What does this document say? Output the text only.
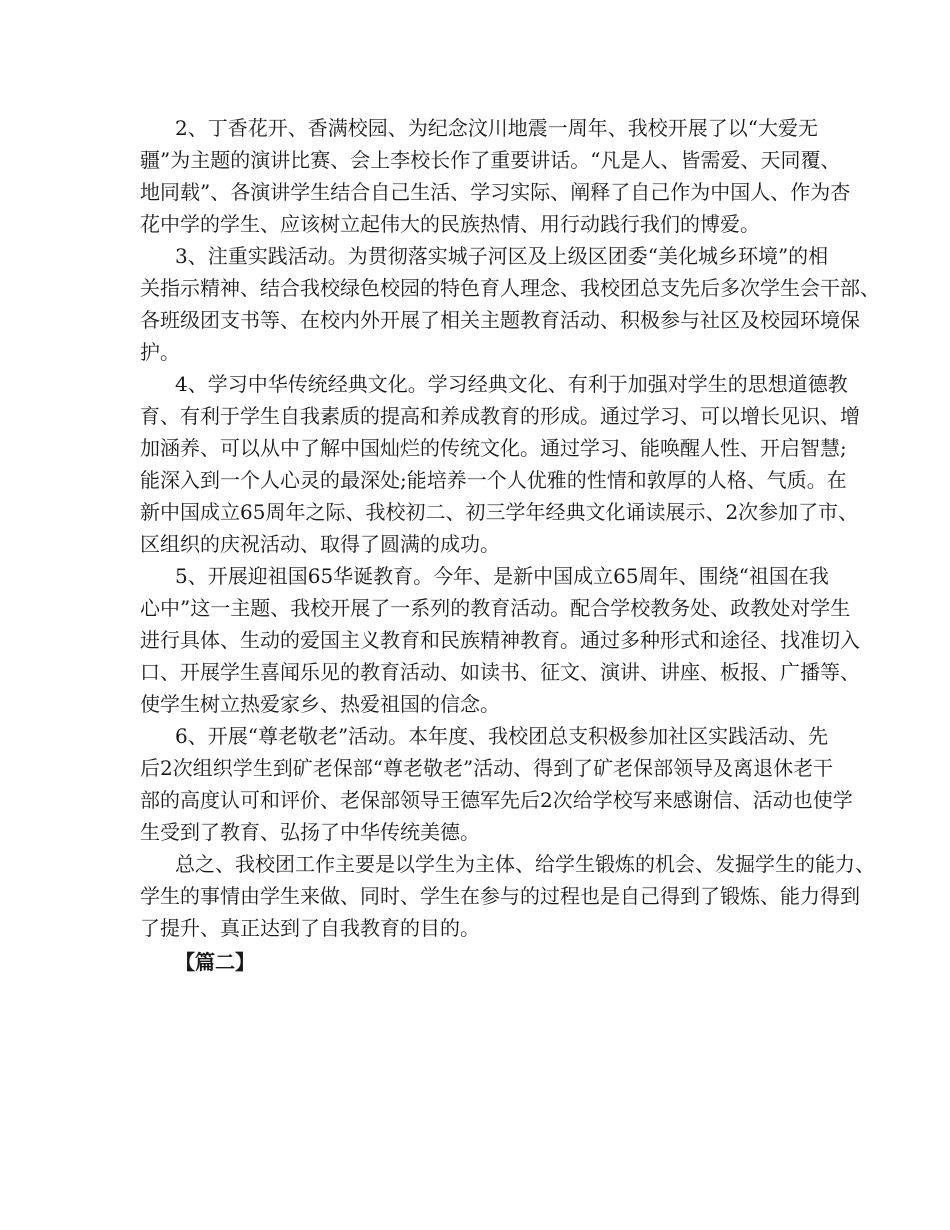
2、丁香花开、香满校园、为纪念汶川地震一周年、我校开展了以“大爱无
疆”为主题的演讲比赛、会上李校长作了重要讲话。“凡是人、皆需爱、天同覆、
地同载”、各演讲学生结合自己生活、学习实际、阐释了自己作为中国人、作为杏
花中学的学生、应该树立起伟大的民族热情、用行动践行我们的博爱。
3、注重实践活动。为贯彻落实城子河区及上级区团委“美化城乡环境”的相
关指示精神、结合我校绿色校园的特色育人理念、我校团总支先后多次学生会干部、
各班级团支书等、在校内外开展了相关主题教育活动、积极参与社区及校园环境保
护。
4、学习中华传统经典文化。学习经典文化、有利于加强对学生的思想道德教
育、有利于学生自我素质的提高和养成教育的形成。通过学习、可以增长见识、增
加涵养、可以从中了解中国灿烂的传统文化。通过学习、能唤醒人性、开启智慧;
能深入到一个人心灵的最深处;能培养一个人优雅的性情和敦厚的人格、气质。在
新中国成立65周年之际、我校初二、初三学年经典文化诵读展示、2次参加了市、
区组织的庆祝活动、取得了圆满的成功。
5、开展迎祖国65华诞教育。今年、是新中国成立65周年、围绕“祖国在我
心中”这一主题、我校开展了一系列的教育活动。配合学校教务处、政教处对学生
进行具体、生动的爱国主义教育和民族精神教育。通过多种形式和途径、找准切入
口、开展学生喜闻乐见的教育活动、如读书、征文、演讲、讲座、板报、广播等、
使学生树立热爱家乡、热爱祖国的信念。
6、开展“尊老敬老”活动。本年度、我校团总支积极参加社区实践活动、先
后2次组织学生到矿老保部“尊老敬老”活动、得到了矿老保部领导及离退休老干
部的高度认可和评价、老保部领导王德军先后2次给学校写来感谢信、活动也使学
生受到了教育、弘扬了中华传统美德。
总之、我校团工作主要是以学生为主体、给学生锻炼的机会、发掘学生的能力、
学生的事情由学生来做、同时、学生在参与的过程也是自己得到了锻炼、能力得到
了提升、真正达到了自我教育的目的。
【篇二】
